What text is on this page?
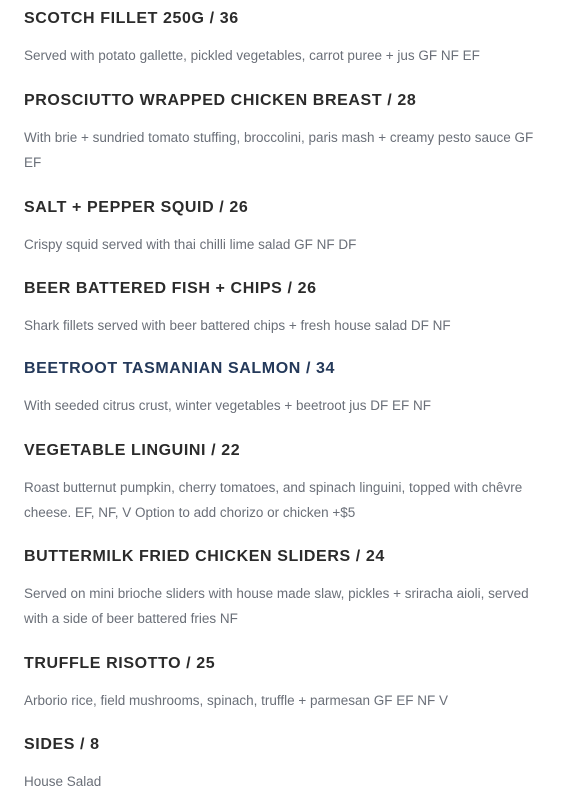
SCOTCH FILLET 250G / 36

Served with potato gallette, pickled vegetables, carrot puree + jus GF NF EF

PROSCIUTTO WRAPPED CHICKEN BREAST / 28

With brie + sundried tomato stuffing, broccolini, paris mash + creamy pesto sauce GF EF

SALT + PEPPER SQUID / 26

Crispy squid served with thai chilli lime salad GF NF DF

BEER BATTERED FISH + CHIPS / 26

Shark fillets served with beer battered chips + fresh house salad DF NF

BEETROOT TASMANIAN SALMON / 34

With seeded citrus crust, winter vegetables + beetroot jus DF EF NF

VEGETABLE LINGUINI / 22

Roast butternut pumpkin, cherry tomatoes, and spinach linguini, topped with chêvre cheese. EF, NF, V Option to add chorizo or chicken +$5

BUTTERMILK FRIED CHICKEN SLIDERS / 24

Served on mini brioche sliders with house made slaw, pickles + sriracha aioli, served with a side of beer battered fries NF

TRUFFLE RISOTTO / 25

Arborio rice, field mushrooms, spinach, truffle + parmesan GF EF NF V

SIDES / 8

House Salad
